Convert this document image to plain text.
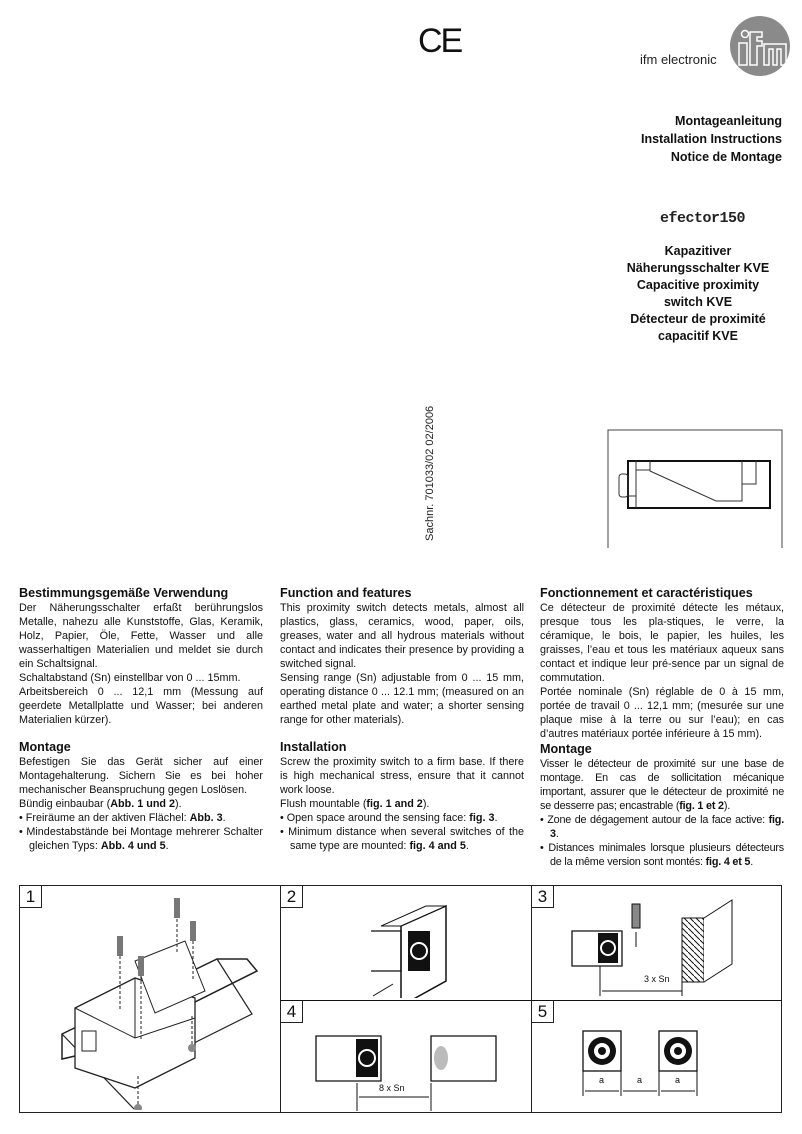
CE	ifm electronic
Montageanleitung
Installation Instructions
Notice de Montage
efector150
Kapazitiver
Näherungsschalter KVE
Capacitive proximity
switch KVE
Détecteur de proximité
capacitif KVE
Sachnr. 701033/02 02/2006
Bestimmungsgemäße Verwendung

Der Näherungsschalter erfaßt berührungslos Metalle, nahezu alle Kunststoffe, Glas, Keramik, Holz, Papier, Öle, Fette, Wasser und alle wasserhaltigen Materialien und meldet sie durch ein Schaltsignal.

Schaltabstand (Sn) einstellbar von 0 ... 15mm.

Arbeitsbereich 0 ... 12,1 mm (Messung auf geerdete Metallplatte und Wasser; bei anderen Materialien kürzer).

Montage

Befestigen Sie das Gerät sicher auf einer Montagehalterung. Sichern Sie es bei hoher mechanischer Beanspruchung gegen Loslösen.

Bündig einbaubar (Abb. 1 und 2).

• Freiräume an der aktiven Flächel: Abb. 3.
• Mindestabstände bei Montage mehrerer Schalter gleichen Typs: Abb. 4 und 5.
Function and features

This proximity switch detects metals, almost all plastics, glass, ceramics, wood, paper, oils, greases, water and all hydrous materials without contact and indicates their presence by providing a switched signal.

Sensing range (Sn) adjustable from 0 ... 15 mm, operating distance 0 ... 12.1 mm; (measured on an earthed metal plate and water; a shorter sensing range for other materials).

Installation

Screw the proximity switch to a firm base. If there is high mechanical stress, ensure that it cannot work loose.

Flush mountable (fig. 1 and 2).

• Open space around the sensing face: fig. 3.
• Minimum distance when several switches of the same type are mounted: fig. 4 and 5.
Fonctionnement et caractéristiques

Ce détecteur de proximité détecte les métaux, presque tous les pla-stiques, le verre, la céramique, le bois, le papier, les huiles, les graisses, l’eau et tous les matériaux aqueux sans contact et indique leur pré-sence par un signal de commutation.

Portée nominale (Sn) réglable de 0 à 15 mm, portée de travail 0 ... 12,1 mm; (mesurée sur une plaque mise à la terre ou sur l’eau); en cas d’autres matériaux portée inférieure à 15 mm).

Montage

Visser le détecteur de proximité sur une base de montage. En cas de sollicitation mécanique important, assurer que le détecteur de proximité ne se desserre pas; encastrable (fig. 1 et 2).

• Zone de dégagement autour de la face active: fig. 3.
• Distances minimales lorsque plusieurs détecteurs de la même version sont montés: fig. 4 et 5.
1	2	3
3 x Sn
4
8 x Sn
5
a	a	a
